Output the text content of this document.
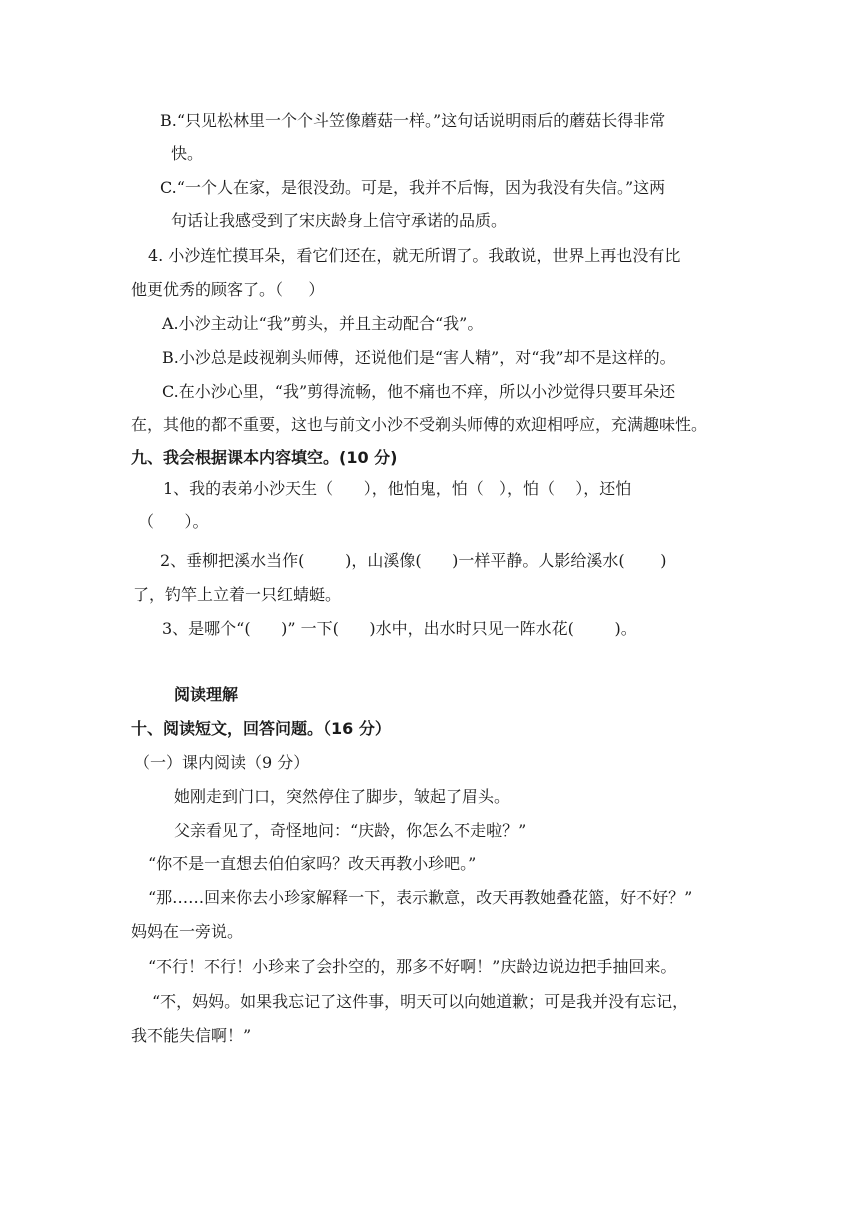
B.“只见松林里一个个斗笠像蘑菇一样。”这句话说明雨后的蘑菇长得非常
快。
C.“一个人在家，是很没劲。可是，我并不后悔，因为我没有失信。”这两
句话让我感受到了宋庆龄身上信守承诺的品质。
4. 小沙连忙摸耳朵，看它们还在，就无所谓了。我敢说，世界上再也没有比
他更优秀的顾客了。（     ）
A.小沙主动让“我”剪头，并且主动配合“我”。
B.小沙总是歧视剃头师傅，还说他们是“害人精”，对“我”却不是这样的。
C.在小沙心里，“我”剪得流畅，他不痛也不痒，所以小沙觉得只要耳朵还
在，其他的都不重要，这也与前文小沙不受剃头师傅的欢迎相呼应，充满趣味性。
九、我会根据课本内容填空。(10 分)
1、我的表弟小沙天生（      ），他怕鬼，怕（   ），怕（    ），还怕
（      ）。
2、垂柳把溪水当作(        )，山溪像(      )一样平静。人影给溪水(       )
了，钓竿上立着一只红蜻蜓。
3、是哪个“(      )” 一下(      )水中，出水时只见一阵水花(        )。
阅读理解
十、阅读短文，回答问题。（16 分）
（一）课内阅读（9 分）
她刚走到门口，突然停住了脚步，皱起了眉头。
父亲看见了，奇怪地问：“庆龄，你怎么不走啦？”
“你不是一直想去伯伯家吗？改天再教小珍吧。”
“那……回来你去小珍家解释一下，表示歉意，改天再教她叠花篮，好不好？”
妈妈在一旁说。
“不行！不行！小珍来了会扑空的，那多不好啊！”庆龄边说边把手抽回来。
“不，妈妈。如果我忘记了这件事，明天可以向她道歉；可是我并没有忘记，
我不能失信啊！”
